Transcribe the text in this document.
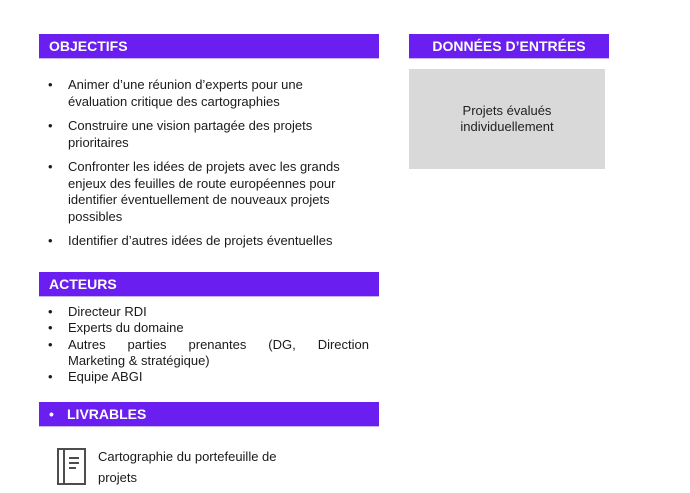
OBJECTIFS
• Animer d’une réunion d’experts pour une évaluation critique des cartographies
• Construire une vision partagée des projets prioritaires
• Confronter les idées de projets avec les grands enjeux des feuilles de route européennes pour identifier éventuellement de nouveaux projets possibles
• Identifier d’autres idées de projets éventuelles
ACTEURS
• Directeur RDI
• Experts du domaine
• Autres parties prenantes (DG, Direction
Marketing & stratégique)
• Equipe ABGI
• LIVRABLES
Cartographie du portefeuille de projets
DONNÉES D’ENTRÉES
Projets évalués individuellement
